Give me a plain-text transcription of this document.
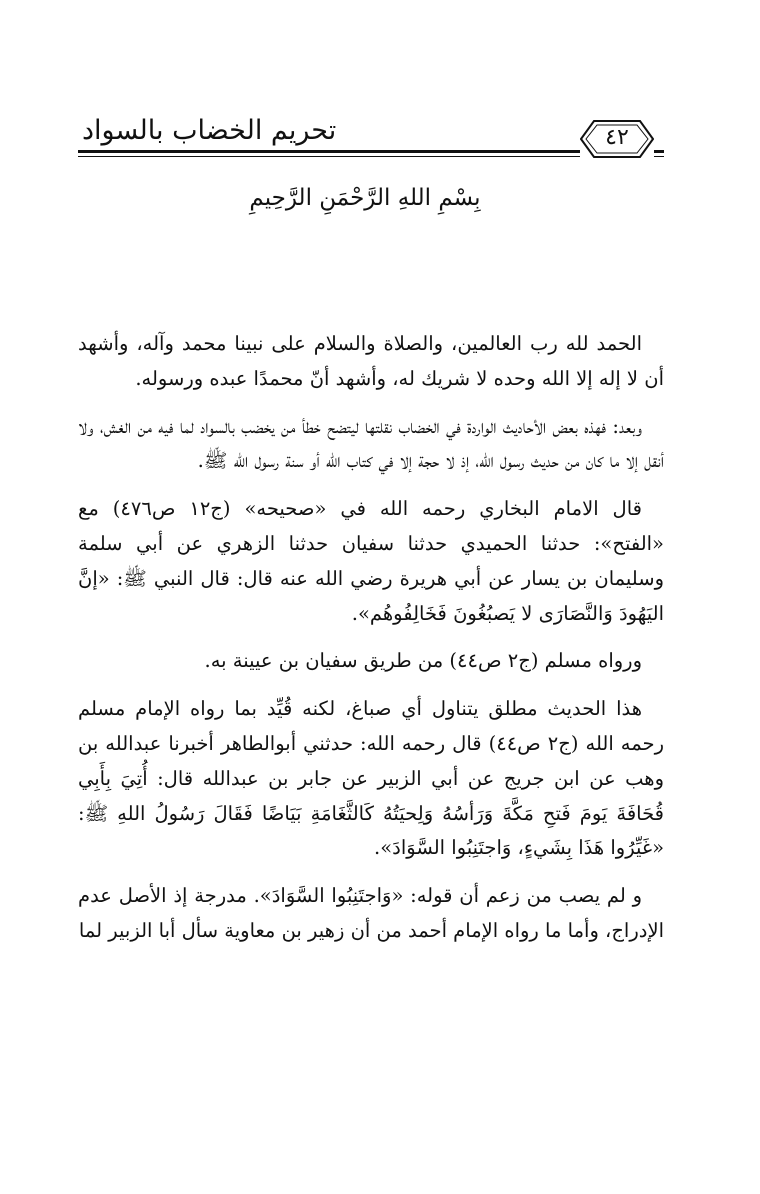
تحريم الخضاب بالسواد	٤٢
بِسْمِ اللهِ الرَّحْمَنِ الرَّحِيمِ

الحمد لله رب العالمين، والصلاة والسلام على نبينا محمد وآله، وأشهد أن لا إله إلا الله وحده لا شريك له، وأشهد أنّ محمدًا عبده ورسوله.

وبعد: فهذه بعض الأحاديث الواردة في الخضاب نقلتها ليتضح خطأ من يخضب بالسواد لما فيه من الغش، ولا أنقل إلا ما كان من حديث رسول الله، إذ لا حجة إلا في كتاب الله أو سنة رسول الله ﷺ.

قال الامام البخاري رحمه الله في «صحيحه» (ج١٢ ص٤٧٦) مع «الفتح»: حدثنا الحميدي حدثنا سفيان حدثنا الزهري عن أبي سلمة وسليمان بن يسار عن أبي هريرة رضي الله عنه قال: قال النبي ﷺ: «إنَّ اليَهُودَ وَالنَّصَارَى لا يَصبُغُونَ فَخَالِفُوهُم».

ورواه مسلم (ج٢ ص٤٤) من طريق سفيان بن عيينة به.

هذا الحديث مطلق يتناول أي صباغ، لكنه قُيِّد بما رواه الإمام مسلم رحمه الله (ج٢ ص٤٤) قال رحمه الله: حدثني أبوالطاهر أخبرنا عبدالله بن وهب عن ابن جريج عن أبي الزبير عن جابر بن عبدالله قال: أُتِيَ بِأَبِي قُحَافَةَ يَومَ فَتحِ مَكَّةَ وَرَأسُهُ وَلِحيَتُهُ كَالثَّغَامَةِ بَيَاضًا فَقَالَ رَسُولُ اللهِ ﷺ: «غَيِّرُوا هَذَا بِشَيءٍ، وَاجتَنِبُوا السَّوَادَ».

و لم يصب من زعم أن قوله: «وَاجتَنِبُوا السَّوَادَ». مدرجة إذ الأصل عدم الإدراج، وأما ما رواه الإمام أحمد من أن زهير بن معاوية سأل أبا الزبير لما
